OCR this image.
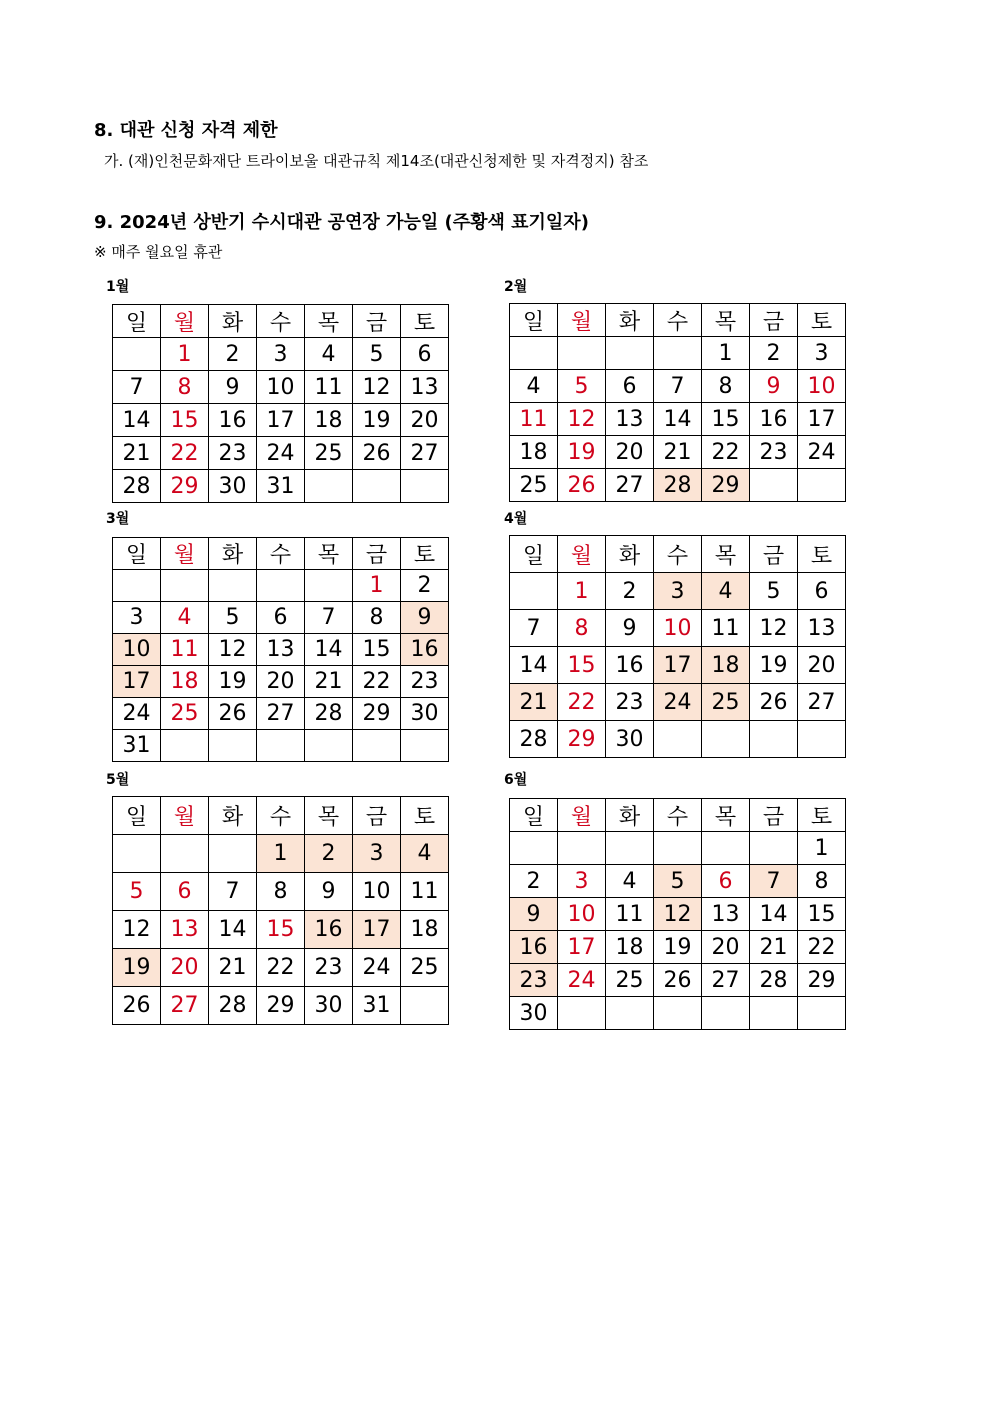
8. 대관 신청 자격 제한
가. (재)인천문화재단 트라이보울 대관규칙 제14조(대관신청제한 및 자격정지) 참조
9. 2024년 상반기 수시대관 공연장 가능일 (주황색 표기일자)
※ 매주 월요일 휴관
1월
일	월	화	수	목	금	토
	1	2	3	4	5	6
7	8	9	10	11	12	13
14	15	16	17	18	19	20
21	22	23	24	25	26	27
28	29	30	31			
2월
일	월	화	수	목	금	토
				1	2	3
4	5	6	7	8	9	10
11	12	13	14	15	16	17
18	19	20	21	22	23	24
25	26	27	28	29		
3월
일	월	화	수	목	금	토
					1	2
3	4	5	6	7	8	9
10	11	12	13	14	15	16
17	18	19	20	21	22	23
24	25	26	27	28	29	30
31						
4월
일	월	화	수	목	금	토
	1	2	3	4	5	6
7	8	9	10	11	12	13
14	15	16	17	18	19	20
21	22	23	24	25	26	27
28	29	30				
5월
일	월	화	수	목	금	토
			1	2	3	4
5	6	7	8	9	10	11
12	13	14	15	16	17	18
19	20	21	22	23	24	25
26	27	28	29	30	31	
6월
일	월	화	수	목	금	토
						1
2	3	4	5	6	7	8
9	10	11	12	13	14	15
16	17	18	19	20	21	22
23	24	25	26	27	28	29
30						
